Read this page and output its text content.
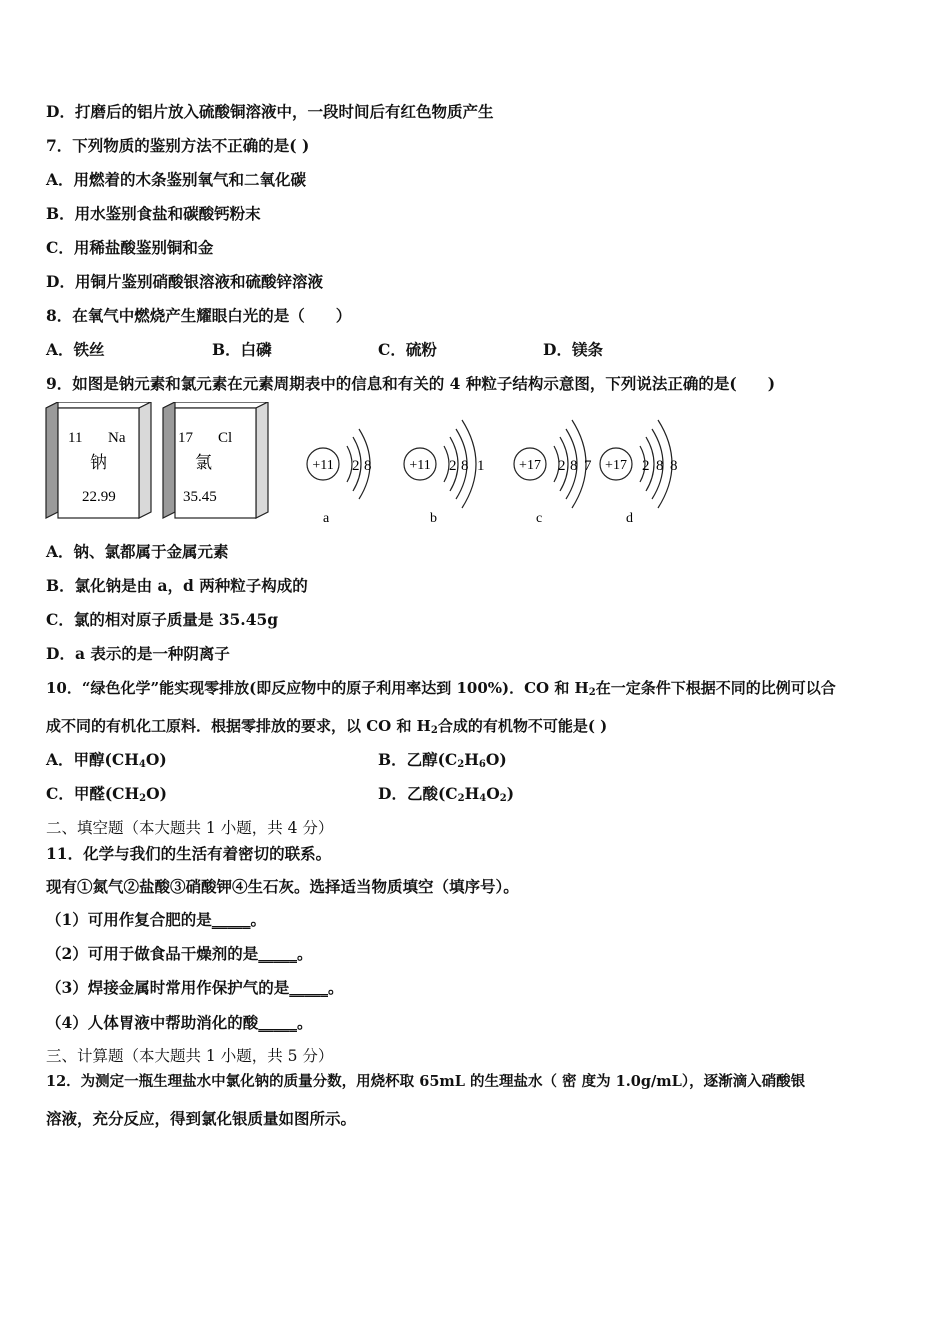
D．打磨后的铝片放入硫酸铜溶液中，一段时间后有红色物质产生
7．下列物质的鉴别方法不正确的是( )
A．用燃着的木条鉴别氧气和二氧化碳
B．用水鉴别食盐和碳酸钙粉末
C．用稀盐酸鉴别铜和金
D．用铜片鉴别硝酸银溶液和硫酸锌溶液
8．在氧气中燃烧产生耀眼白光的是（　　）
A．铁丝	B．白磷	C．硫粉	D．镁条
9．如图是钠元素和氯元素在元素周期表中的信息和有关的 4 种粒子结构示意图，下列说法正确的是(　　)
11 Na
钠
22.99
17 Cl
氯
35.45
+11 2 8
a
+11 2 8 1
b
+17 2 8 7
c
+17 2 8 8
d
A．钠、氯都属于金属元素
B．氯化钠是由 a，d 两种粒子构成的
C．氯的相对原子质量是 35.45g
D．a 表示的是一种阴离子
10．“绿色化学”能实现零排放(即反应物中的原子利用率达到 100%)．CO 和 $H_2$在一定条件下根据不同的比例可以合
成不同的有机化工原料．根据零排放的要求，以 CO 和 $H_2$合成的有机物不可能是( )
A．甲醇$(CH_4O)$	B．乙醇$(C_2H_6O)$
C．甲醛$(CH_2O)$	D．乙酸$(C_2H_4O_2)$
二、填空题（本大题共 1 小题，共 4 分）
11．化学与我们的生活有着密切的联系。
现有①氮气②盐酸③硝酸钾④生石灰。选择适当物质填空（填序号）。
（1）可用作复合肥的是_____。
（2）可用于做食品干燥剂的是_____。
（3）焊接金属时常用作保护气的是_____。
（4）人体胃液中帮助消化的酸_____。
三、计算题（本大题共 1 小题，共 5 分）
12．为测定一瓶生理盐水中氯化钠的质量分数，用烧杯取 65mL 的生理盐水（ 密 度为 1.0g/mL），逐渐滴入硝酸银
溶液，充分反应，得到氯化银质量如图所示。
